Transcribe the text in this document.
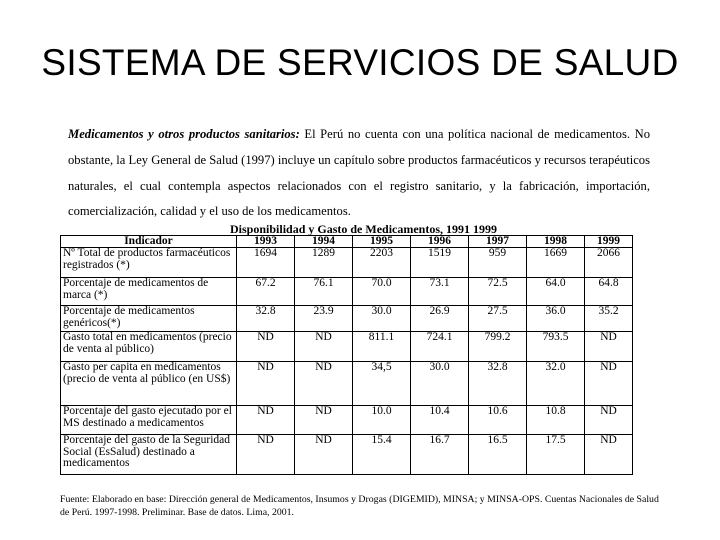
SISTEMA DE SERVICIOS DE SALUD
Medicamentos y otros productos sanitarios: El Perú no cuenta con una política nacional de medicamentos. No obstante, la Ley General de Salud (1997) incluye un capítulo sobre productos farmacéuticos y recursos terapéuticos naturales, el cual contempla aspectos relacionados con el registro sanitario, y la fabricación, importación, comercialización, calidad y el uso de los medicamentos.
Disponibilidad y Gasto de Medicamentos, 1991 1999
Indicador	1993	1994	1995	1996	1997	1998	1999
Nº Total de productos farmacéuticos registrados (*)	1694	1289	2203	1519	959	1669	2066
Porcentaje de medicamentos de marca (*)	67.2	76.1	70.0	73.1	72.5	64.0	64.8
Porcentaje de medicamentos genéricos(*)	32.8	23.9	30.0	26.9	27.5	36.0	35.2
Gasto total en medicamentos (precio de venta al público)	ND	ND	811.1	724.1	799.2	793.5	ND
Gasto per capita en medicamentos (precio de venta al público (en US$)	ND	ND	34,5	30.0	32.8	32.0	ND
Porcentaje del gasto ejecutado por el MS destinado a medicamentos	ND	ND	10.0	10.4	10.6	10.8	ND
Porcentaje del gasto de la Seguridad Social (EsSalud) destinado a medicamentos	ND	ND	15.4	16.7	16.5	17.5	ND
Fuente: Elaborado en base: Dirección general de Medicamentos, Insumos y Drogas (DIGEMID), MINSA; y MINSA-OPS. Cuentas Nacionales de Salud de Perú. 1997-1998. Preliminar. Base de datos. Lima, 2001.
